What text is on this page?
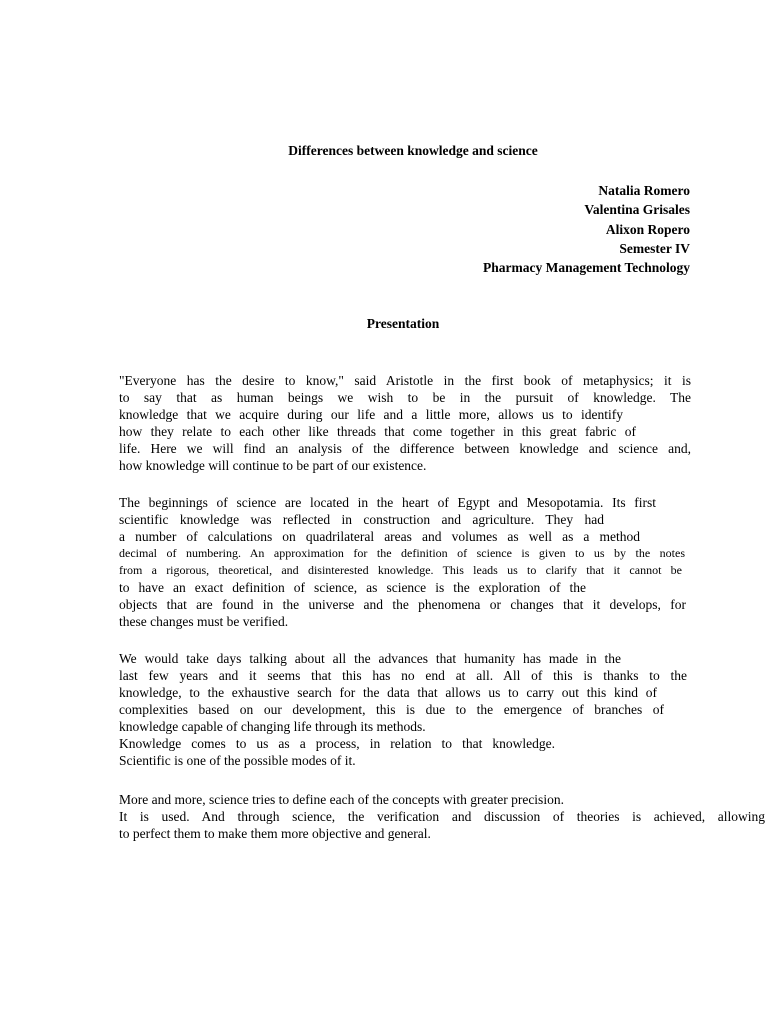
Differences between knowledge and science
Natalia Romero
Valentina Grisales
Alixon Ropero
Semester IV
Pharmacy Management Technology
Presentation
"Everyone has the desire to know," said Aristotle in the first book of metaphysics; it is
to say that as human beings we wish to be in the pursuit of knowledge. The
knowledge that we acquire during our life and a little more, allows us to identify
how they relate to each other like threads that come together in this great fabric of
life. Here we will find an analysis of the difference between knowledge and science and,
how knowledge will continue to be part of our existence.
The beginnings of science are located in the heart of Egypt and Mesopotamia. Its first
scientific knowledge was reflected in construction and agriculture. They had
a number of calculations on quadrilateral areas and volumes as well as a method
decimal of numbering. An approximation for the definition of science is given to us by the notes
from a rigorous, theoretical, and disinterested knowledge. This leads us to clarify that it cannot be
to have an exact definition of science, as science is the exploration of the
objects that are found in the universe and the phenomena or changes that it develops, for
these changes must be verified.
We would take days talking about all the advances that humanity has made in the
last few years and it seems that this has no end at all. All of this is thanks to the
knowledge, to the exhaustive search for the data that allows us to carry out this kind of
complexities based on our development, this is due to the emergence of branches of
knowledge capable of changing life through its methods.
Knowledge comes to us as a process, in relation to that knowledge.
Scientific is one of the possible modes of it.
More and more, science tries to define each of the concepts with greater precision.
It is used. And through science, the verification and discussion of theories is achieved, allowing
to perfect them to make them more objective and general.
